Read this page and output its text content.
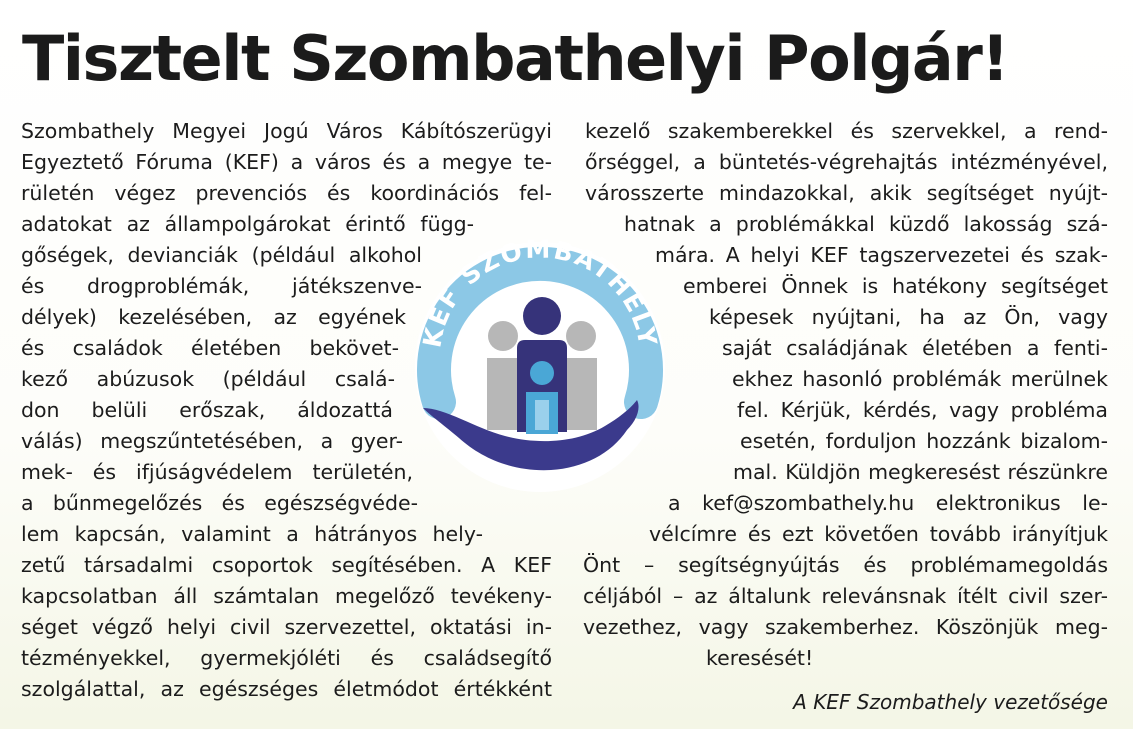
Tisztelt Szombathelyi Polgár!
Szombathely Megyei Jogú Város Kábítószerügyi
Egyeztető Fóruma (KEF) a város és a megye te-
rületén végez prevenciós és koordinációs fel-
adatokat az állampolgárokat érintő függ-
gőségek, devianciák (például alkohol
és drogproblémák, játékszenve-
délyek) kezelésében, az egyének
és családok életében bekövet-
kező abúzusok (például csalá-
don belüli erőszak, áldozattá
válás) megszűntetésében, a gyer-
mek- és ifjúságvédelem területén,
a bűnmegelőzés és egészségvéde-
lem kapcsán, valamint a hátrányos hely-
zetű társadalmi csoportok segítésében. A KEF
kapcsolatban áll számtalan megelőző tevékeny-
séget végző helyi civil szervezettel, oktatási in-
tézményekkel, gyermekjóléti és családsegítő
szolgálattal, az egészséges életmódot értékként
kezelő szakemberekkel és szervekkel, a rend-
őrséggel, a büntetés-végrehajtás intézményével,
városszerte mindazokkal, akik segítséget nyújt-
hatnak a problémákkal küzdő lakosság szá-
mára. A helyi KEF tagszervezetei és szak-
emberei Önnek is hatékony segítséget
képesek nyújtani, ha az Ön, vagy
saját családjának életében a fenti-
ekhez hasonló problémák merülnek
fel. Kérjük, kérdés, vagy probléma
esetén, forduljon hozzánk bizalom-
mal. Küldjön megkeresést részünkre
a kef@szombathely.hu elektronikus le-
vélcímre és ezt követően tovább irányítjuk
Önt – segítségnyújtás és problémamegoldás
céljából – az általunk relevánsnak ítélt civil szer-
vezethez, vagy szakemberhez. Köszönjük meg-
keresését!
KEF SZOMBATHELY
A KEF Szombathely vezetősége
